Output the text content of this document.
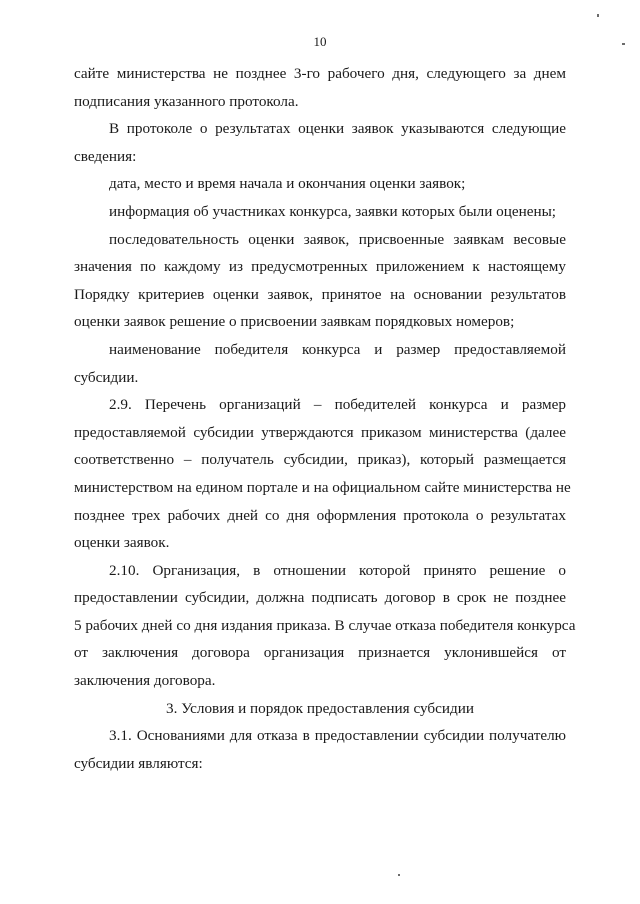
10

сайте министерства не позднее 3-го рабочего дня, следующего за днем
подписания указанного протокола.

В протоколе о результатах оценки заявок указываются следующие
сведения:

дата, место и время начала и окончания оценки заявок;

информация об участниках конкурса, заявки которых были оценены;

последовательность оценки заявок, присвоенные заявкам весовые
значения по каждому из предусмотренных приложением к настоящему
Порядку критериев оценки заявок, принятое на основании результатов
оценки заявок решение о присвоении заявкам порядковых номеров;

наименование победителя конкурса и размер предоставляемой
субсидии.

2.9. Перечень организаций – победителей конкурса и размер
предоставляемой субсидии утверждаются приказом министерства (далее
соответственно – получатель субсидии, приказ), который размещается
министерством на едином портале и на официальном сайте министерства не
позднее трех рабочих дней со дня оформления протокола о результатах
оценки заявок.

2.10. Организация, в отношении которой принято решение о
предоставлении субсидии, должна подписать договор в срок не позднее
5 рабочих дней со дня издания приказа. В случае отказа победителя конкурса
от заключения договора организация признается уклонившейся от
заключения договора.

3. Условия и порядок предоставления субсидии

3.1. Основаниями для отказа в предоставлении субсидии получателю
субсидии являются:
